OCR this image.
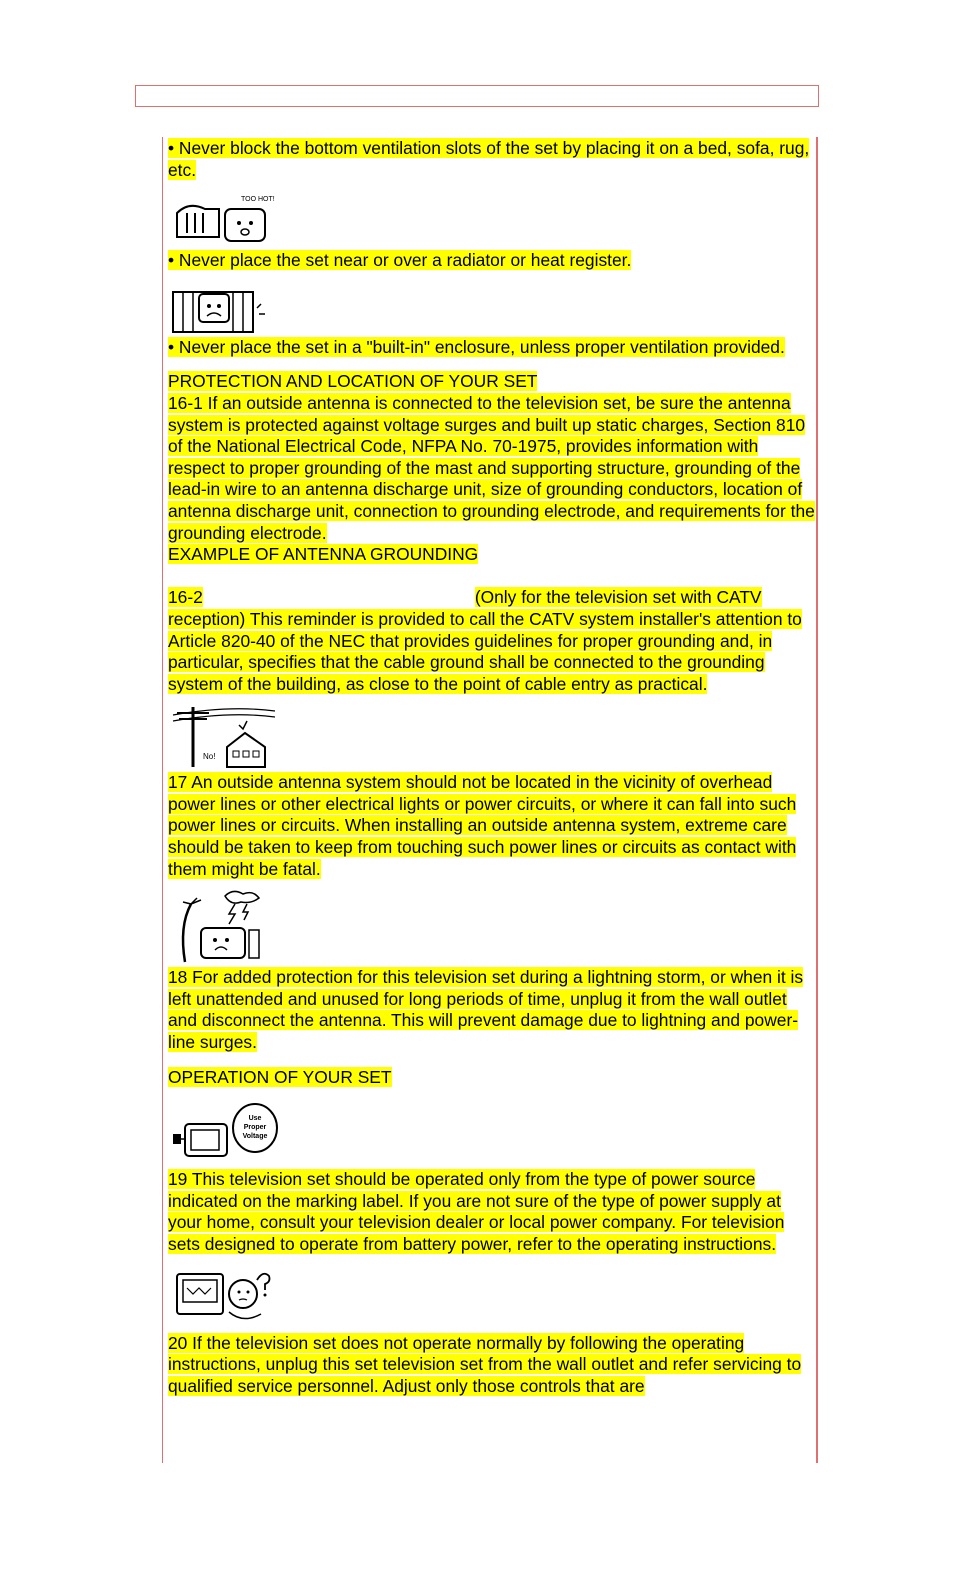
• Never block the bottom ventilation slots of the set by placing it on a bed, sofa, rug, etc.

TOO HOT!

• Never place the set near or over a radiator or heat register.

• Never place the set in a "built-in" enclosure, unless proper ventilation provided.

PROTECTION AND LOCATION OF YOUR SET

16-1 If an outside antenna is connected to the television set, be sure the antenna system is protected against voltage surges and built up static charges, Section 810 of the National Electrical Code, NFPA No. 70-1975, provides information with respect to proper grounding of the mast and supporting structure, grounding of the lead-in wire to an antenna discharge unit, size of grounding conductors, location of antenna discharge unit, connection to grounding electrode, and requirements for the grounding electrode.

EXAMPLE OF ANTENNA GROUNDING

16-2	(Only for the television set with CATV reception) This reminder is provided to call the CATV system installer's attention to Article 820-40 of the NEC that provides guidelines for proper grounding and, in particular, specifies that the cable ground shall be connected to the grounding system of the building, as close to the point of cable entry as practical.

No!

17 An outside antenna system should not be located in the vicinity of overhead power lines or other electrical lights or power circuits, or where it can fall into such power lines or circuits. When installing an outside antenna system, extreme care should be taken to keep from touching such power lines or circuits as contact with them might be fatal.

18 For added protection for this television set during a lightning storm, or when it is left unattended and unused for long periods of time, unplug it from the wall outlet and disconnect the antenna. This will prevent damage due to lightning and power-line surges.

OPERATION OF YOUR SET

Use
Proper
Voltage

19 This television set should be operated only from the type of power source indicated on the marking label. If you are not sure of the type of power supply at your home, consult your television dealer or local power company. For television sets designed to operate from battery power, refer to the operating instructions.

20 If the television set does not operate normally by following the operating instructions, unplug this set television set from the wall outlet and refer servicing to qualified service personnel. Adjust only those controls that are
